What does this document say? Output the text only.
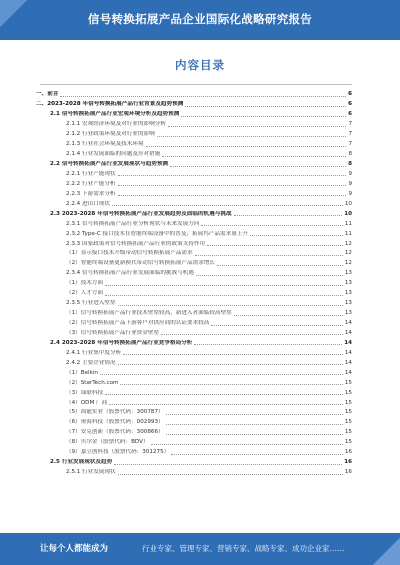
信号转换拓展产品企业国际化战略研究报告
内容目录
一、前言	6
二、2023-2028 年信号转换拓展产品行业背景及趋势预测	6
2.1 信号转换拓展产品行业宏观环境分析及趋势预测	6
2.1.1 宏观经济环境及对行业的影响分析	7
2.1.2 行业政策环境及对行业的影响	7
2.1.3 行业社会环境及技术环境	7
2.1.4 行业发展面临的问题及应对措施	8
2.2 信号转换拓展产品行业发展现状与趋势预测	8
2.2.1 行业产能现状	9
2.2.2 行业产能分析	9
2.2.3 下游需求分析	9
2.2.4 进出口现状	10
2.3 2023-2028 年信号转换拓展产品行业发展趋势及面临的机遇与挑战	10
2.3.1 信号转换拓展产品行业分析现状与未来发展方向	11
2.3.2 Type-C 接口技术在智能终端设备中的普及，拓展坞产品需求量上升	11
2.3.3 国家政策对信号转换拓展产品行业的政策支持作用	12
（1）显示接口技术升级带动信号转换拓展产品需求	12
（2）智能终端设备更新换代带动信号转换拓展产品需求增长	12
2.3.4 信号转换拓展产品行业发展面临的挑战与机遇	13
（1）技术方面	13
（2）人才方面	13
2.3.5 行业进入壁垒	13
（1）信号转换拓展产品行业技术壁垒较高，新进入者面临较高壁垒	13
（2）信号转换拓展产品下游客户对供应商的认证要求较高	14
（3）信号转换拓展产品行业资金壁垒	14
2.4 2023-2028 年信号转换拓展产品行业竞争格局分析	14
2.4.1 行业集中度分析	14
2.4.2 主要企业情况	14
（1）Belkin	14
（2）StarTech.com	15
（3）绿联科技	15
（4）ODM 厂商	15
（5）海能实业（股票代码：300787）	15
（6）奥海科技（股票代码：002993）	15
（7）安克创新（股票代码：300866）	15
（8）贝尔金（股票代码：BDV）	15
（9）嘉立创科技（股票代码：301275）	16
2.5 行业发展现状及趋势	16
2.5.1 行业发展现状	16
让每个人都能成为	行业专家、管理专家、营销专家、战略专家、成功企业家……
